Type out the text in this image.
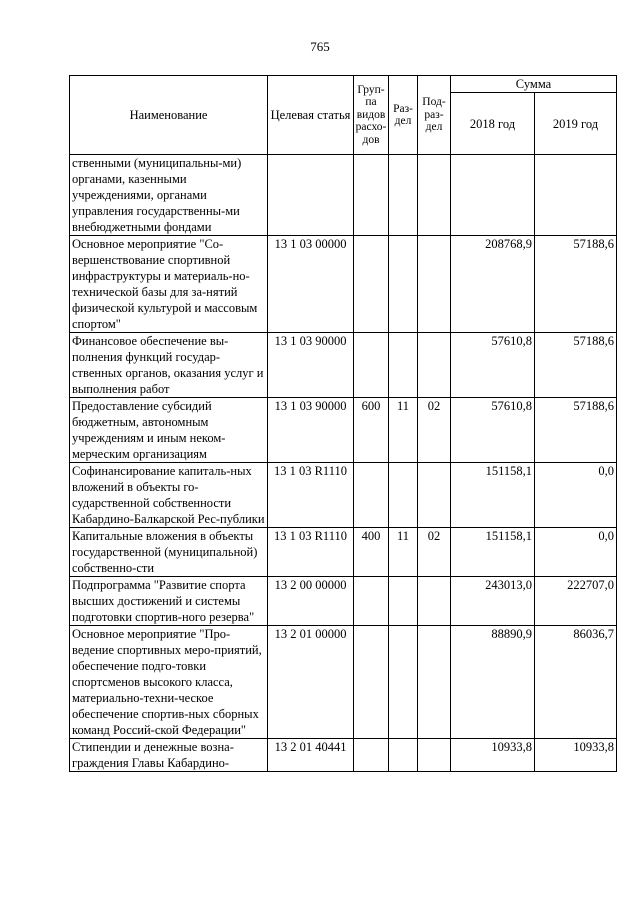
765
Наименование	Целевая статья	Груп-па видов расхо-дов	Раз-дел	Под-раз-дел	Сумма	
					2018 год	2019 год
ственными (муниципальны-ми) органами, казенными учреждениями, органами управления государственны-ми внебюджетными фондами						
Основное мероприятие "Со-вершенствование спортивной инфраструктуры и материаль-но-технической базы для за-нятий физической культурой и массовым спортом"	13 1 03 00000				208768,9	57188,6
Финансовое обеспечение вы-полнения функций государ-ственных органов, оказания услуг и выполнения работ	13 1 03 90000				57610,8	57188,6
Предоставление субсидий бюджетным, автономным учреждениям и иным неком-мерческим организациям	13 1 03 90000	600	11	02	57610,8	57188,6
Софинансирование капиталь-ных вложений в объекты го-сударственной собственности Кабардино-Балкарской Рес-публики	13 1 03 R1110				151158,1	0,0
Капитальные вложения в объекты государственной (муниципальной) собственно-сти	13 1 03 R1110	400	11	02	151158,1	0,0
Подпрограмма "Развитие спорта высших достижений и системы подготовки спортив-ного резерва"	13 2 00 00000				243013,0	222707,0
Основное мероприятие "Про-ведение спортивных меро-приятий, обеспечение подго-товки спортсменов высокого класса, материально-техни-ческое обеспечение спортив-ных сборных команд Россий-ской Федерации"	13 2 01 00000				88890,9	86036,7
Стипендии и денежные возна-граждения Главы Кабардино-	13 2 01 40441				10933,8	10933,8
